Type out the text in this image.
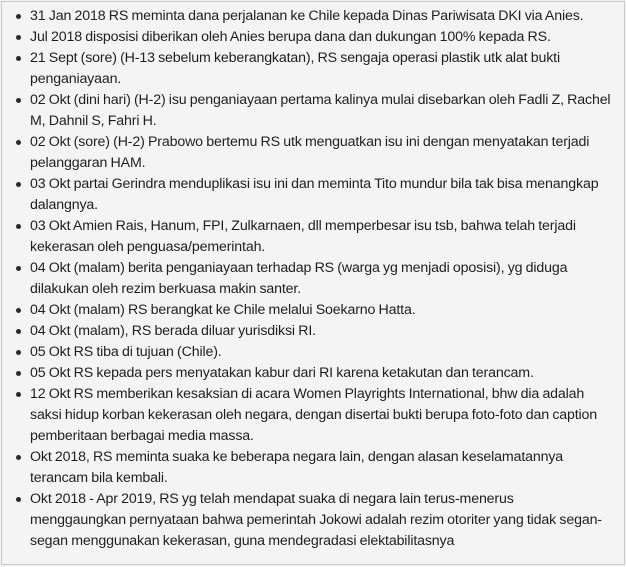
31 Jan 2018 RS meminta dana perjalanan ke Chile kepada Dinas Pariwisata DKI via Anies.
Jul 2018 disposisi diberikan oleh Anies berupa dana dan dukungan 100% kepada RS.
21 Sept (sore) (H-13 sebelum keberangkatan), RS sengaja operasi plastik utk alat bukti penganiayaan.
02 Okt (dini hari) (H-2) isu penganiayaan pertama kalinya mulai disebarkan oleh Fadli Z, Rachel M, Dahnil S, Fahri H.
02 Okt (sore) (H-2) Prabowo bertemu RS utk menguatkan isu ini dengan menyatakan terjadi pelanggaran HAM.
03 Okt partai Gerindra menduplikasi isu ini dan meminta Tito mundur bila tak bisa menangkap dalangnya.
03 Okt Amien Rais, Hanum, FPI, Zulkarnaen, dll memperbesar isu tsb, bahwa telah terjadi kekerasan oleh penguasa/pemerintah.
04 Okt (malam) berita penganiayaan terhadap RS (warga yg menjadi oposisi), yg diduga dilakukan oleh rezim berkuasa makin santer.
04 Okt (malam) RS berangkat ke Chile melalui Soekarno Hatta.
04 Okt (malam), RS berada diluar yurisdiksi RI.
05 Okt RS tiba di tujuan (Chile).
05 Okt RS kepada pers menyatakan kabur dari RI karena ketakutan dan terancam.
12 Okt RS memberikan kesaksian di acara Women Playrights International, bhw dia adalah saksi hidup korban kekerasan oleh negara, dengan disertai bukti berupa foto-foto dan caption pemberitaan berbagai media massa.
Okt 2018, RS meminta suaka ke beberapa negara lain, dengan alasan keselamatannya terancam bila kembali.
Okt 2018 - Apr 2019, RS yg telah mendapat suaka di negara lain terus-menerus menggaungkan pernyataan bahwa pemerintah Jokowi adalah rezim otoriter yang tidak segan-segan menggunakan kekerasan, guna mendegradasi elektabilitasnya
